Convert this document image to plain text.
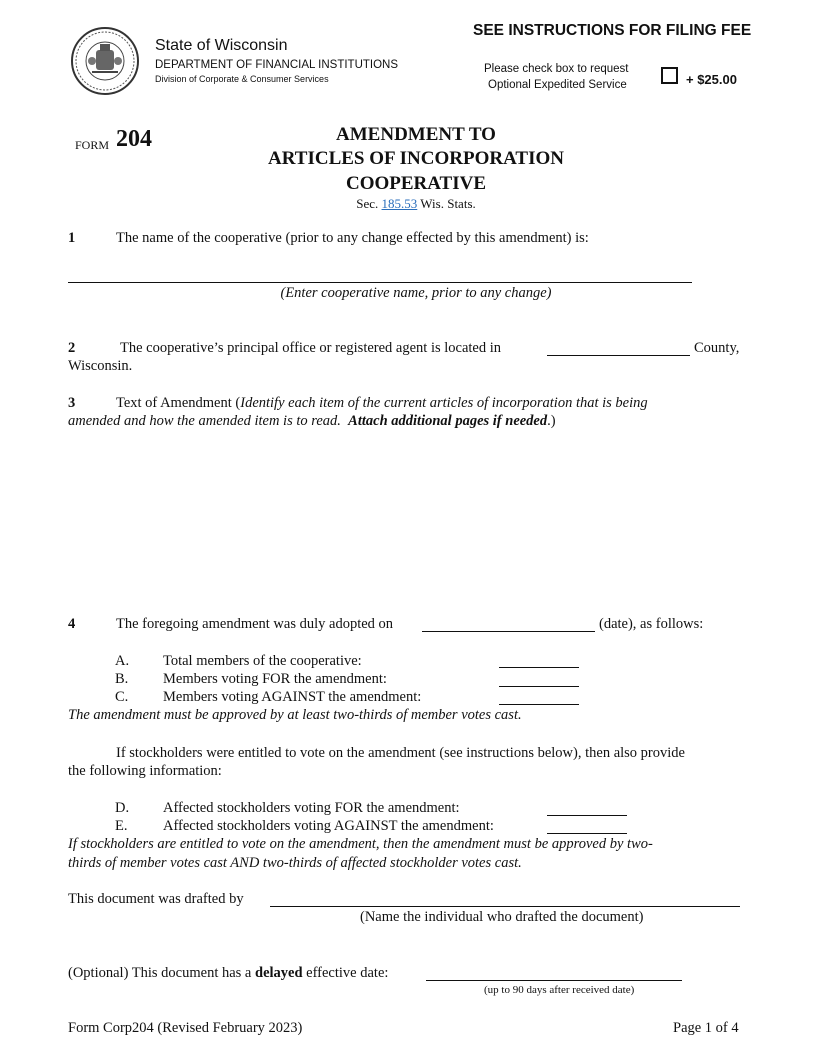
State of Wisconsin
DEPARTMENT OF FINANCIAL INSTITUTIONS
Division of Corporate & Consumer Services
SEE INSTRUCTIONS FOR FILING FEE
Please check box to request
Optional Expedited Service	+ $25.00
FORM 204	AMENDMENT TO
ARTICLES OF INCORPORATION
COOPERATIVE
Sec. 185.53 Wis. Stats.
1	The name of the cooperative (prior to any change effected by this amendment) is:
(Enter cooperative name, prior to any change)
2	The cooperative’s principal office or registered agent is located in	County,
Wisconsin.
3	Text of Amendment (Identify each item of the current articles of incorporation that is being
amended and how the amended item is to read. Attach additional pages if needed.)
4	The foregoing amendment was duly adopted on	(date), as follows:
A. Total members of the cooperative:
B. Members voting FOR the amendment:
C. Members voting AGAINST the amendment:
The amendment must be approved by at least two-thirds of member votes cast.
If stockholders were entitled to vote on the amendment (see instructions below), then also provide
the following information:
D. Affected stockholders voting FOR the amendment:
E. Affected stockholders voting AGAINST the amendment:
If stockholders are entitled to vote on the amendment, then the amendment must be approved by two-
thirds of member votes cast AND two-thirds of affected stockholder votes cast.
This document was drafted by
(Name the individual who drafted the document)
(Optional) This document has a delayed effective date:
(up to 90 days after received date)
Form Corp204 (Revised February 2023)	Page 1 of 4
